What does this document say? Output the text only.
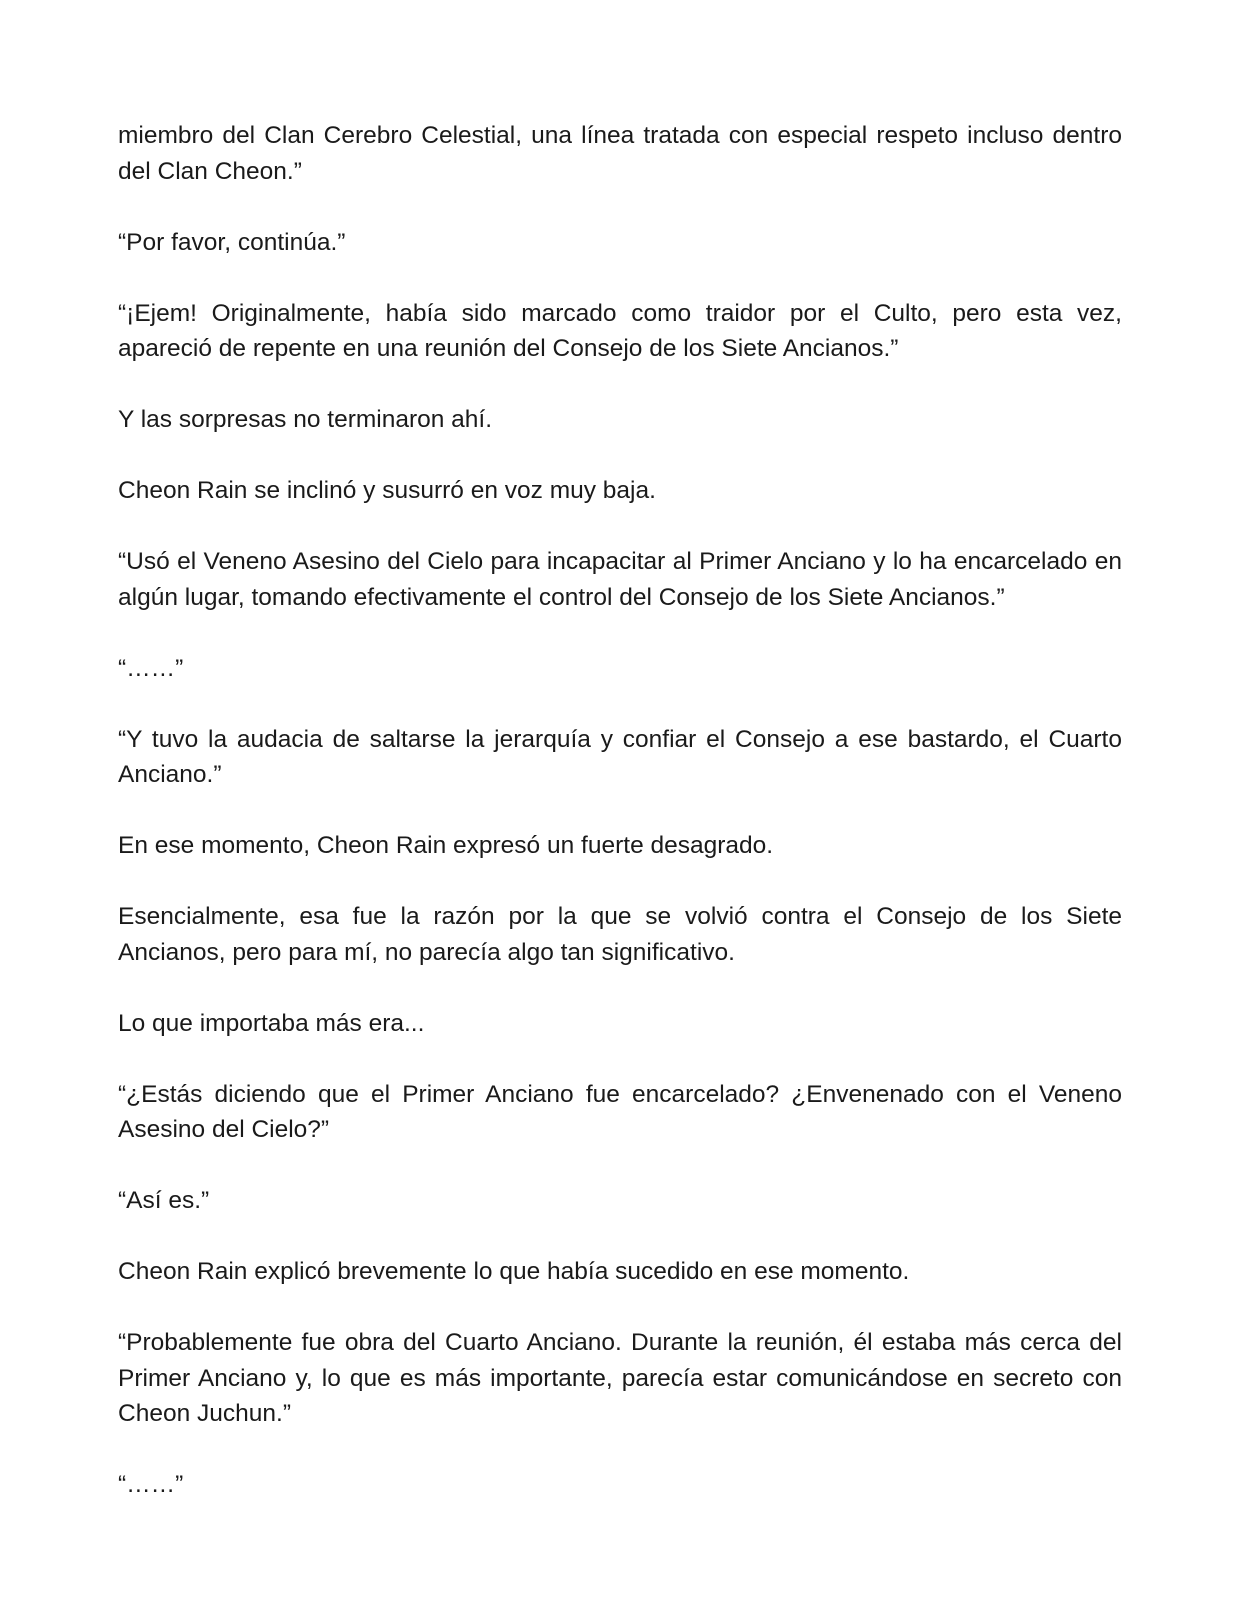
miembro del Clan Cerebro Celestial, una línea tratada con especial respeto incluso dentro del Clan Cheon.”

“Por favor, continúa.”

“¡Ejem! Originalmente, había sido marcado como traidor por el Culto, pero esta vez, apareció de repente en una reunión del Consejo de los Siete Ancianos.”

Y las sorpresas no terminaron ahí.

Cheon Rain se inclinó y susurró en voz muy baja.

“Usó el Veneno Asesino del Cielo para incapacitar al Primer Anciano y lo ha encarcelado en algún lugar, tomando efectivamente el control del Consejo de los Siete Ancianos.”

“……”

“Y tuvo la audacia de saltarse la jerarquía y confiar el Consejo a ese bastardo, el Cuarto Anciano.”

En ese momento, Cheon Rain expresó un fuerte desagrado.

Esencialmente, esa fue la razón por la que se volvió contra el Consejo de los Siete Ancianos, pero para mí, no parecía algo tan significativo.

Lo que importaba más era...

“¿Estás diciendo que el Primer Anciano fue encarcelado? ¿Envenenado con el Veneno Asesino del Cielo?”

“Así es.”

Cheon Rain explicó brevemente lo que había sucedido en ese momento.

“Probablemente fue obra del Cuarto Anciano. Durante la reunión, él estaba más cerca del Primer Anciano y, lo que es más importante, parecía estar comunicándose en secreto con Cheon Juchun.”

“……”
